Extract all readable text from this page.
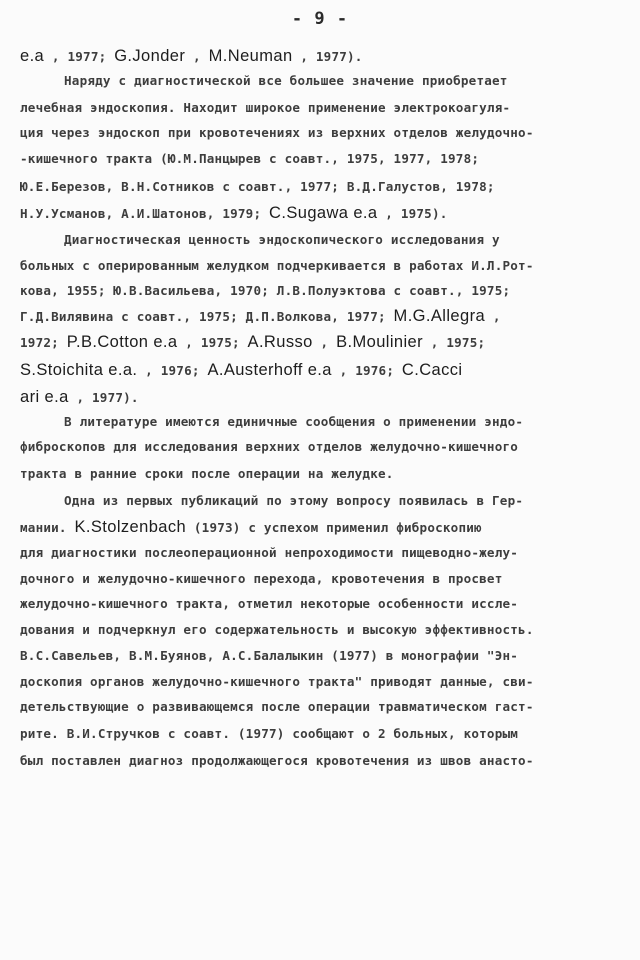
- 9 -
e.a , 1977; G.Jonder , M.Neuman , 1977).
Наряду с диагностической все большее значение приобретает
лечебная эндоскопия. Находит широкое применение электрокоагуля-
ция через эндоскоп при кровотечениях из верхних отделов желудочно-
-кишечного тракта (Ю.М.Панцырев с соавт., 1975, 1977, 1978;
Ю.Е.Березов, В.Н.Сотников с соавт., 1977; В.Д.Галустов, 1978;
Н.У.Усманов, А.И.Шатонов, 1979; C.Sugawa e.a , 1975).
Диагностическая ценность эндоскопического исследования у
больных с оперированным желудком подчеркивается в работах И.Л.Рот-
кова, 1955; Ю.В.Васильева, 1970; Л.В.Полуэктова с соавт., 1975;
Г.Д.Вилявина с соавт., 1975; Д.П.Волкова, 1977; M.G.Allegra ,
1972; P.B.Cotton e.a , 1975; A.Russo , B.Moulinier , 1975;
S.Stoichita e.a. , 1976; A.Austerhoff e.a , 1976; C.Cacci
ari e.a , 1977).
В литературе имеются единичные сообщения о применении эндо-
фиброскопов для исследования верхних отделов желудочно-кишечного
тракта в ранние сроки после операции на желудке.
Одна из первых публикаций по этому вопросу появилась в Гер-
мании. K.Stolzenbach (1973) с успехом применил фиброскопию
для диагностики послеоперационной непроходимости пищеводно-желу-
дочного и желудочно-кишечного перехода, кровотечения в просвет
желудочно-кишечного тракта, отметил некоторые особенности иссле-
дования и подчеркнул его содержательность и высокую эффективность.
В.С.Савельев, В.М.Буянов, А.С.Балалыкин (1977) в монографии "Эн-
доскопия органов желудочно-кишечного тракта" приводят данные, сви-
детельствующие о развивающемся после операции травматическом гаст-
рите. В.И.Стручков с соавт. (1977) сообщают о 2 больных, которым
был поставлен диагноз продолжающегося кровотечения из швов анасто-
